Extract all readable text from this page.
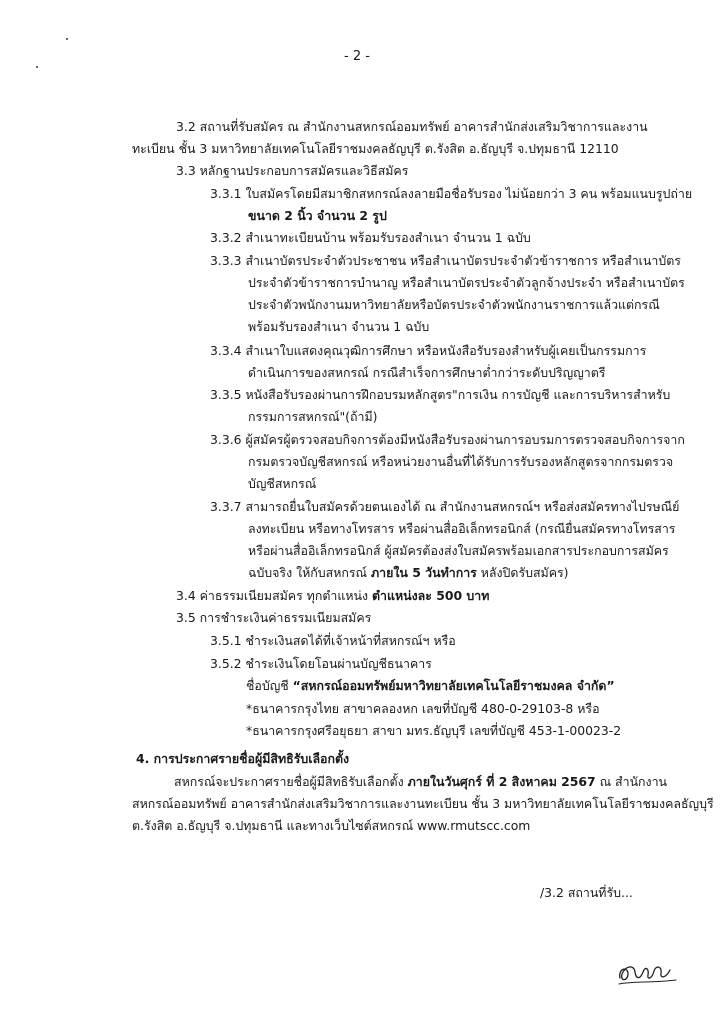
- 2 -
3.2 สถานที่รับสมัคร ณ สำนักงานสหกรณ์ออมทรัพย์ อาคารสำนักส่งเสริมวิชาการและงาน
ทะเบียน ชั้น 3 มหาวิทยาลัยเทคโนโลยีราชมงคลธัญบุรี ต.รังสิต อ.ธัญบุรี จ.ปทุมธานี 12110
3.3 หลักฐานประกอบการสมัครและวิธีสมัคร
3.3.1 ใบสมัครโดยมีสมาชิกสหกรณ์ลงลายมือชื่อรับรอง ไม่น้อยกว่า 3 คน พร้อมแนบรูปถ่าย
ขนาด 2 นิ้ว จำนวน 2 รูป
3.3.2 สำเนาทะเบียนบ้าน พร้อมรับรองสำเนา จำนวน 1 ฉบับ
3.3.3 สำเนาบัตรประจำตัวประชาชน หรือสำเนาบัตรประจำตัวข้าราชการ หรือสำเนาบัตร
ประจำตัวข้าราชการบำนาญ หรือสำเนาบัตรประจำตัวลูกจ้างประจำ หรือสำเนาบัตร
ประจำตัวพนักงานมหาวิทยาลัยหรือบัตรประจำตัวพนักงานราชการแล้วแต่กรณี
พร้อมรับรองสำเนา จำนวน 1 ฉบับ
3.3.4 สำเนาใบแสดงคุณวุฒิการศึกษา หรือหนังสือรับรองสำหรับผู้เคยเป็นกรรมการ
ดำเนินการของสหกรณ์ กรณีสำเร็จการศึกษาต่ำกว่าระดับปริญญาตรี
3.3.5 หนังสือรับรองผ่านการฝึกอบรมหลักสูตร"การเงิน การบัญชี และการบริหารสำหรับ
กรรมการสหกรณ์"(ถ้ามี)
3.3.6 ผู้สมัครผู้ตรวจสอบกิจการต้องมีหนังสือรับรองผ่านการอบรมการตรวจสอบกิจการจาก
กรมตรวจบัญชีสหกรณ์ หรือหน่วยงานอื่นที่ได้รับการรับรองหลักสูตรจากกรมตรวจ
บัญชีสหกรณ์
3.3.7 สามารถยื่นใบสมัครด้วยตนเองได้ ณ สำนักงานสหกรณ์ฯ หรือส่งสมัครทางไปรษณีย์
ลงทะเบียน หรือทางโทรสาร หรือผ่านสื่ออิเล็กทรอนิกส์ (กรณียื่นสมัครทางโทรสาร
หรือผ่านสื่ออิเล็กทรอนิกส์ ผู้สมัครต้องส่งใบสมัครพร้อมเอกสารประกอบการสมัคร
ฉบับจริง ให้กับสหกรณ์ ภายใน 5 วันทำการ หลังปิดรับสมัคร)
3.4 ค่าธรรมเนียมสมัคร ทุกตำแหน่ง ตำแหน่งละ 500 บาท
3.5 การชำระเงินค่าธรรมเนียมสมัคร
3.5.1 ชำระเงินสดได้ที่เจ้าหน้าที่สหกรณ์ฯ หรือ
3.5.2 ชำระเงินโดยโอนผ่านบัญชีธนาคาร
ชื่อบัญชี “สหกรณ์ออมทรัพย์มหาวิทยาลัยเทคโนโลยีราชมงคล จำกัด”
*ธนาคารกรุงไทย สาขาคลองหก เลขที่บัญชี 480-0-29103-8 หรือ
*ธนาคารกรุงศรีอยุธยา สาขา มทร.ธัญบุรี เลขที่บัญชี 453-1-00023-2
4. การประกาศรายชื่อผู้มีสิทธิรับเลือกตั้ง
สหกรณ์จะประกาศรายชื่อผู้มีสิทธิรับเลือกตั้ง ภายในวันศุกร์ ที่ 2 สิงหาคม 2567 ณ สำนักงาน
สหกรณ์ออมทรัพย์ อาคารสำนักส่งเสริมวิชาการและงานทะเบียน ชั้น 3 มหาวิทยาลัยเทคโนโลยีราชมงคลธัญบุรี
ต.รังสิต อ.ธัญบุรี จ.ปทุมธานี และทางเว็บไซต์สหกรณ์ www.rmutscc.com
/3.2 สถานที่รับ...
